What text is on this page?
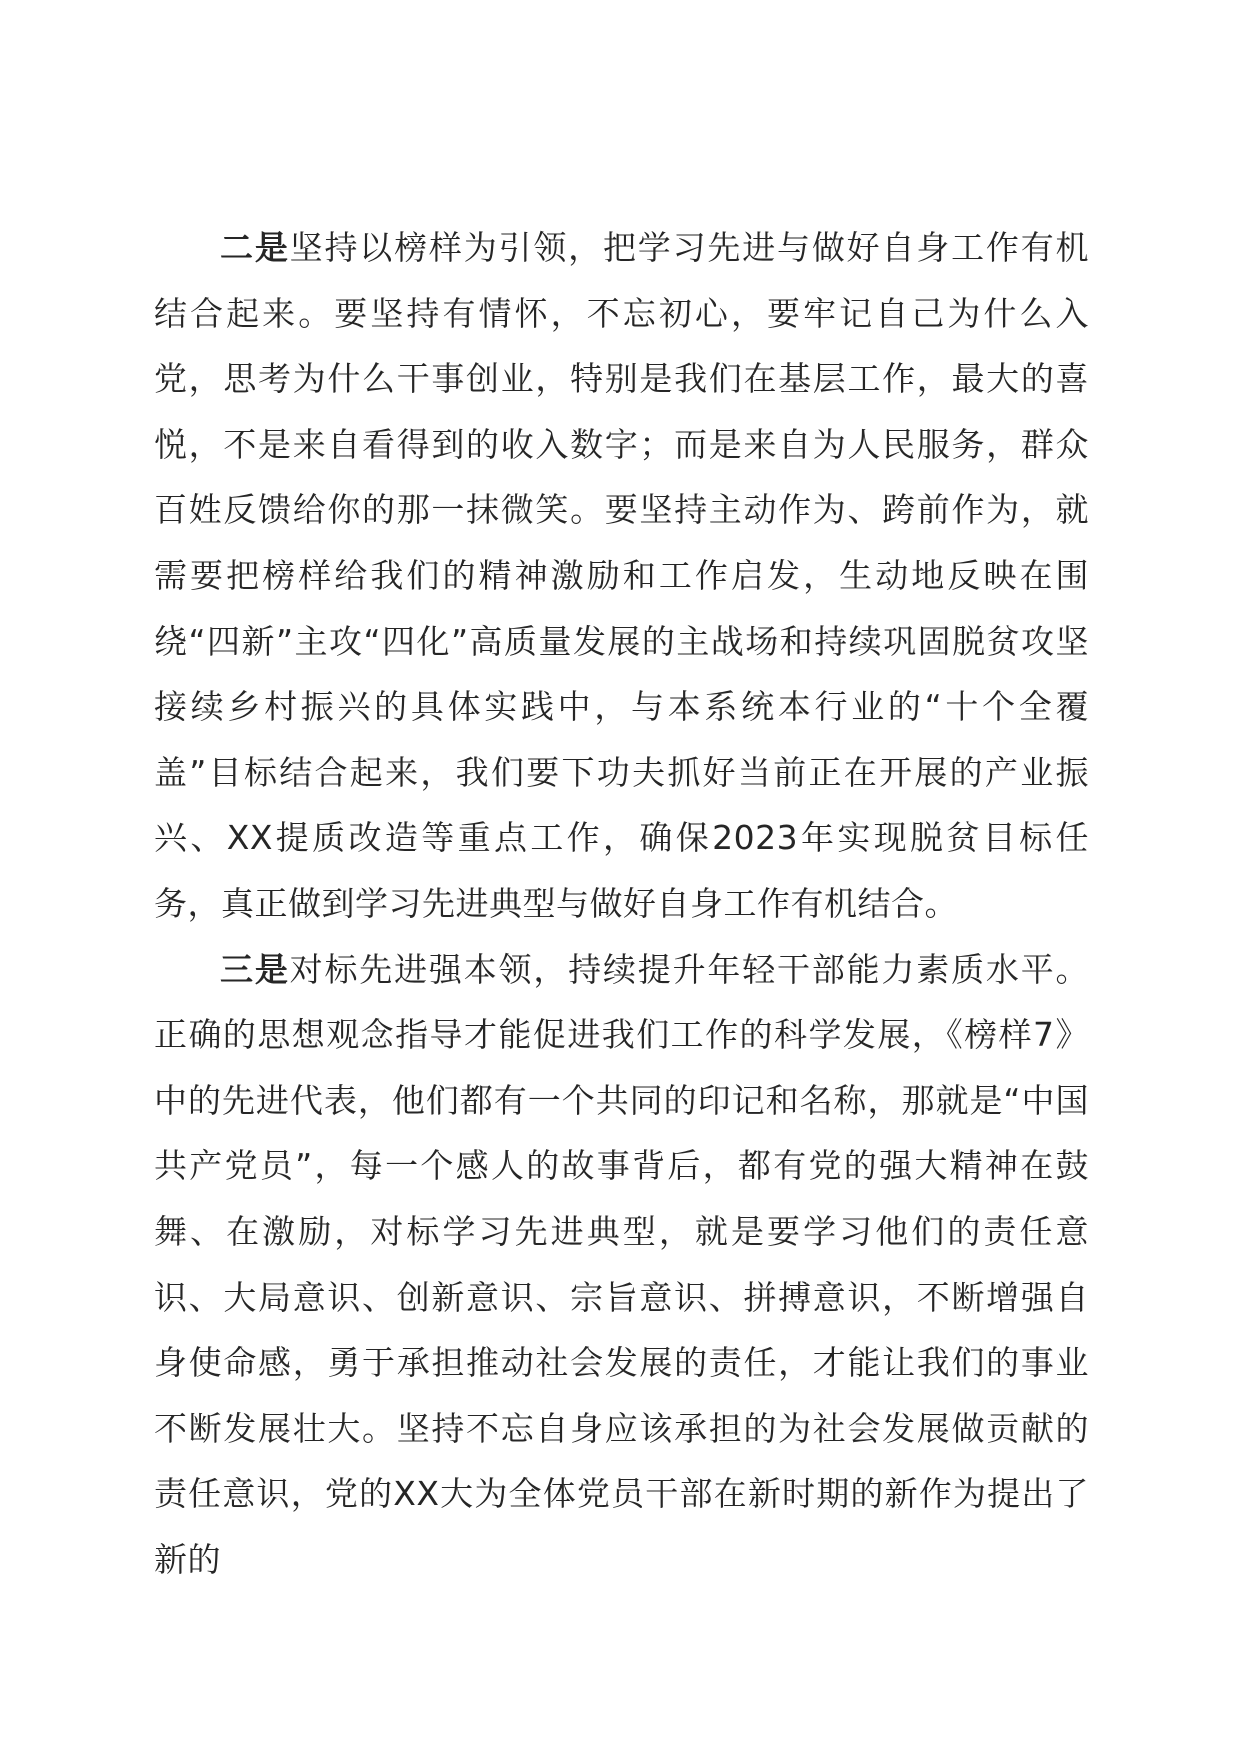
二是坚持以榜样为引领，把学习先进与做好自身工作有机结合起来。要坚持有情怀，不忘初心，要牢记自己为什么入党，思考为什么干事创业，特别是我们在基层工作，最大的喜悦，不是来自看得到的收入数字；而是来自为人民服务，群众百姓反馈给你的那一抹微笑。要坚持主动作为、跨前作为，就需要把榜样给我们的精神激励和工作启发，生动地反映在围绕“四新”主攻“四化”高质量发展的主战场和持续巩固脱贫攻坚接续乡村振兴的具体实践中，与本系统本行业的“十个全覆盖”目标结合起来，我们要下功夫抓好当前正在开展的产业振兴、XX提质改造等重点工作，确保2023年实现脱贫目标任务，真正做到学习先进典型与做好自身工作有机结合。

三是对标先进强本领，持续提升年轻干部能力素质水平。正确的思想观念指导才能促进我们工作的科学发展，《榜样7》中的先进代表，他们都有一个共同的印记和名称，那就是“中国共产党员”，每一个感人的故事背后，都有党的强大精神在鼓舞、在激励，对标学习先进典型，就是要学习他们的责任意识、大局意识、创新意识、宗旨意识、拼搏意识，不断增强自身使命感，勇于承担推动社会发展的责任，才能让我们的事业不断发展壮大。坚持不忘自身应该承担的为社会发展做贡献的责任意识，党的XX大为全体党员干部在新时期的新作为提出了新的
